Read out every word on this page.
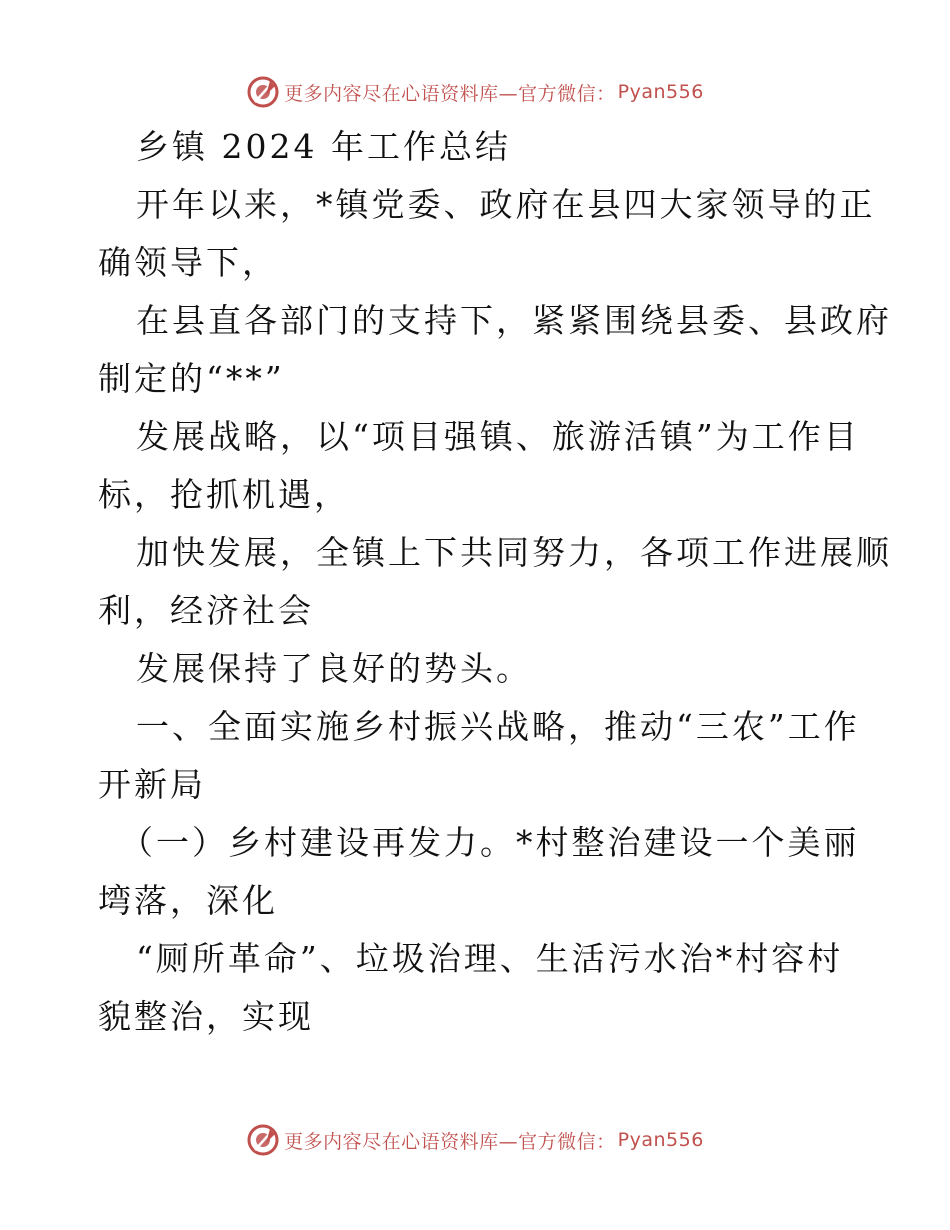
更多内容尽在心语资料库—官方微信： Pyan556
乡镇 2024 年工作总结
开年以来，*镇党委、政府在县四大家领导的正
确领导下，
在县直各部门的支持下，紧紧围绕县委、县政府
制定的“**”
发展战略，以“项目强镇、旅游活镇”为工作目
标，抢抓机遇，
加快发展，全镇上下共同努力，各项工作进展顺
利，经济社会
发展保持了良好的势头。
一、全面实施乡村振兴战略，推动“三农”工作
开新局
（一）乡村建设再发力。*村整治建设一个美丽
塆落，深化
“厕所革命”、垃圾治理、生活污水治*村容村
貌整治，实现
更多内容尽在心语资料库—官方微信： Pyan556
